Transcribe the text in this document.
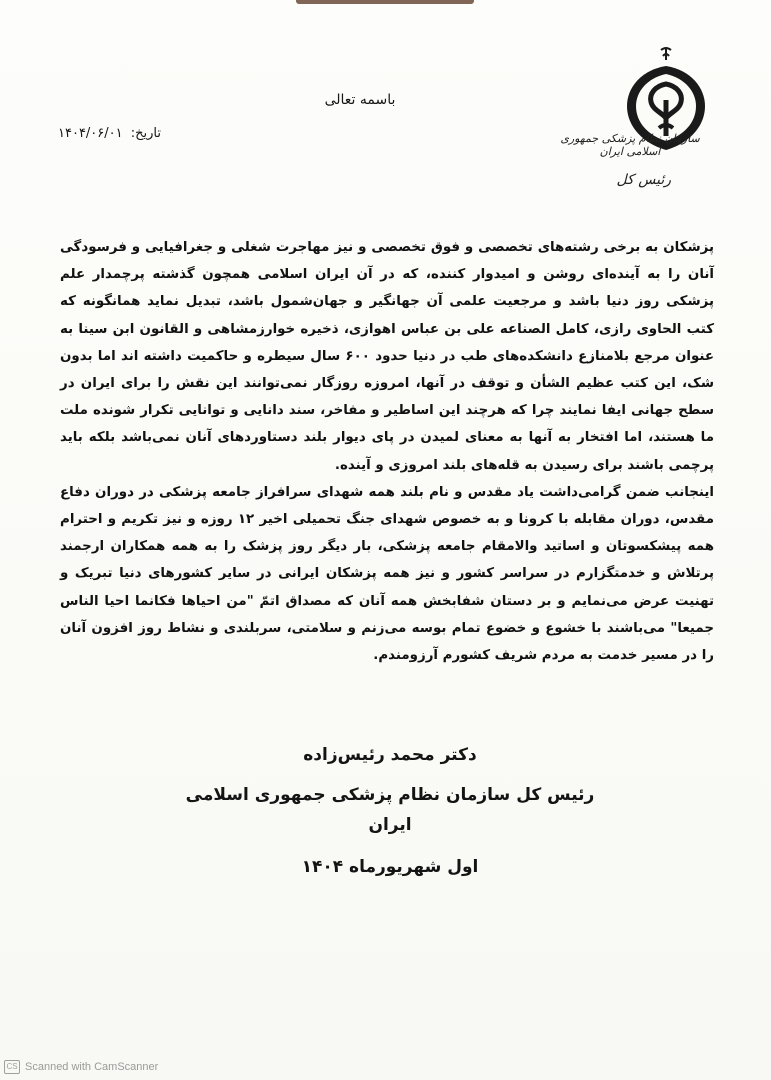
سازمان نظام پزشکی جمهوری اسلامی ایران
رئیس کل
باسمه تعالی
تاریخ: ۱۴۰۴/۰۶/۰۱

پزشکان به برخی رشته‌های تخصصی و فوق تخصصی و نیز مهاجرت شغلی و جغرافیایی و فرسودگی آنان را به آینده‌ای روشن و امیدوار کننده، که در آن ایران اسلامی همچون گذشته پرچمدار علم پزشکی روز دنیا باشد و مرجعیت علمی آن جهانگیر و جهان‌شمول باشد، تبدیل نماید همانگونه که کتب الحاوی رازی، کامل الصناعه علی بن عباس اهوازی، ذخیره خوارزمشاهی و القانون ابن سینا به عنوان مرجع بلامنازع دانشکده‌های طب در دنیا حدود ۶۰۰ سال سیطره و حاکمیت داشته اند اما بدون شک، این کتب عظیم الشأن و توقف در آنها، امروزه روزگار نمی‌توانند این نقش را برای ایران در سطح جهانی ایفا نمایند چرا که هرچند این اساطیر و مفاخر، سند دانایی و توانایی تکرار شونده ملت ما هستند، اما افتخار به آنها به معنای لمیدن در پای دیوار بلند دستاوردهای آنان نمی‌باشد بلکه باید پرچمی باشند برای رسیدن به قله‌های بلند امروزی و آینده.

اینجانب ضمن گرامی‌داشت یاد مقدس و نام بلند همه شهدای سرافراز جامعه پزشکی در دوران دفاع مقدس، دوران مقابله با کرونا و به خصوص شهدای جنگ تحمیلی اخیر ۱۲ روزه و نیز تکریم و احترام همه پیشکسوتان و اساتید والامقام جامعه پزشکی، بار دیگر روز پزشک را به همه همکاران ارجمند پرتلاش و خدمتگزارم در سراسر کشور و نیز همه پزشکان ایرانی در سایر کشورهای دنیا تبریک و تهنیت عرض می‌نمایم و بر دستان شفابخش همه آنان که مصداق اتمّ "من احیاها فکانما احیا الناس جمیعا" می‌باشند با خشوع و خضوع تمام بوسه می‌زنم و سلامتی، سربلندی و نشاط روز افزون آنان را در مسیر خدمت به مردم شریف کشورم آرزومندم.

دکتر محمد رئیس‌زاده
رئیس کل سازمان نظام پزشکی جمهوری اسلامی ایران
اول شهریورماه ۱۴۰۴
CS Scanned with CamScanner
